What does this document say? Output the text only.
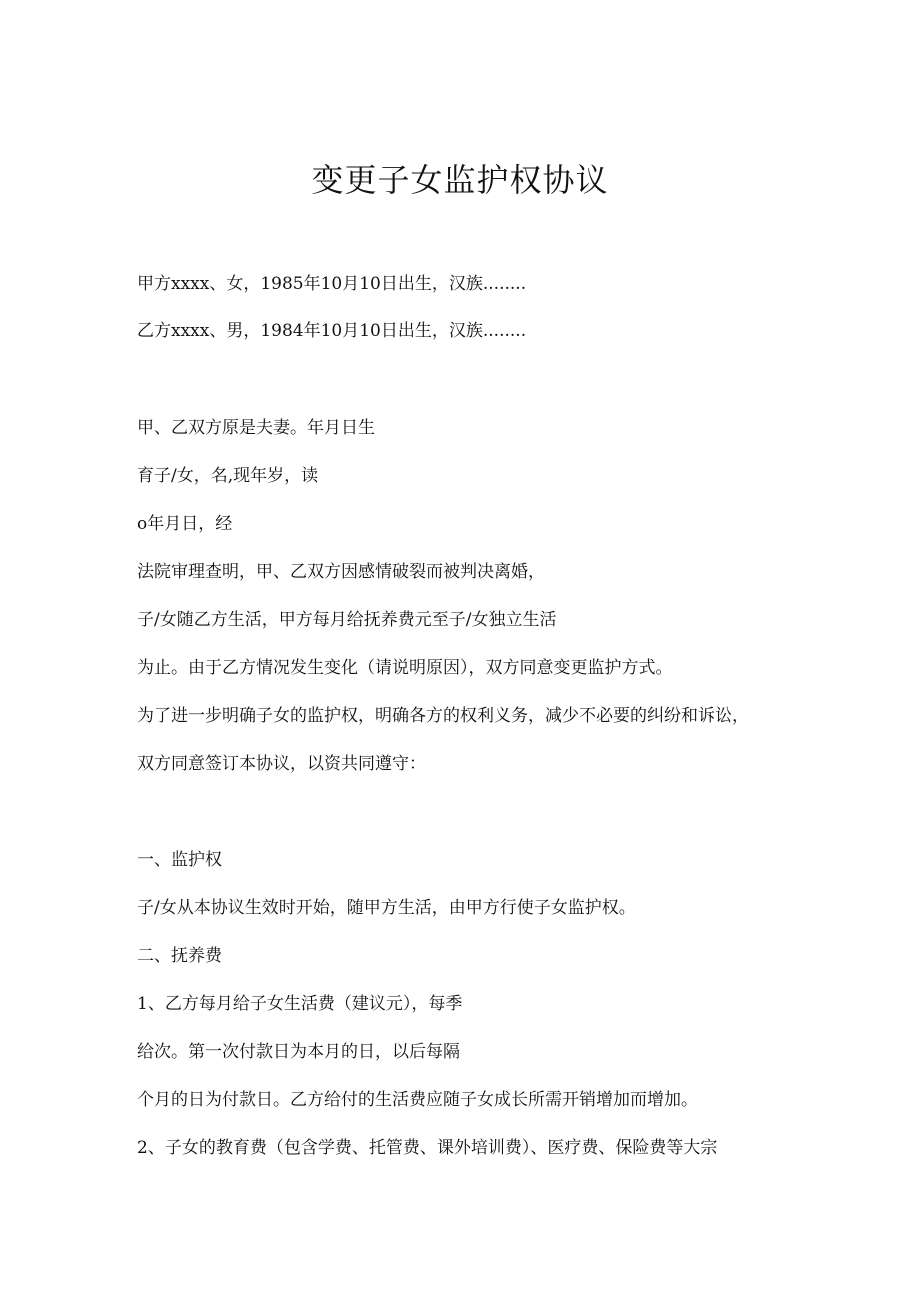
变更子女监护权协议
甲方xxxx、女，1985年10月10日出生，汉族........
乙方xxxx、男，1984年10月10日出生，汉族........
甲、乙双方原是夫妻。年月日生
育子/女，名,现年岁，读
o年月日，经
法院审理查明，甲、乙双方因感情破裂而被判决离婚，
子/女随乙方生活，甲方每月给抚养费元至子/女独立生活
为止。由于乙方情况发生变化（请说明原因），双方同意变更监护方式。
为了进一步明确子女的监护权，明确各方的权利义务，减少不必要的纠纷和诉讼，
双方同意签订本协议，以资共同遵守：
一、监护权
子/女从本协议生效时开始，随甲方生活，由甲方行使子女监护权。
二、抚养费
1、乙方每月给子女生活费（建议元），每季
给次。第一次付款日为本月的日，以后每隔
个月的日为付款日。乙方给付的生活费应随子女成长所需开销增加而增加。
2、子女的教育费（包含学费、托管费、课外培训费）、医疗费、保险费等大宗
